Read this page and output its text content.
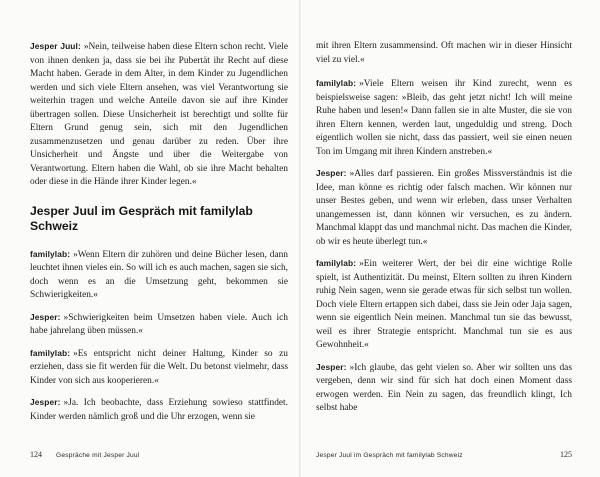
Jesper Juul: »Nein, teilweise haben diese Eltern schon recht. Viele von ihnen denken ja, dass sie bei ihr Pubertät ihr Recht auf diese Macht haben. Gerade in dem Alter, in dem Kinder zu Jugendlichen werden und sich viele Eltern ansehen, was viel Verantwortung sie weiterhin tragen und welche Anteile davon sie auf ihre Kinder übertragen sollen. Diese Unsicherheit ist berechtigt und sollte für Eltern Grund genug sein, sich mit den Jugendlichen zusammenzusetzen und genau darüber zu reden. Über ihre Unsicherheit und Ängste und über die Weitergabe von Verantwortung. Eltern haben die Wahl, ob sie ihre Macht behalten oder diese in die Hände ihrer Kinder legen.«

Jesper Juul im Gespräch mit familylab Schweiz

familylab: »Wenn Eltern dir zuhören und deine Bücher lesen, dann leuchtet ihnen vieles ein. So will ich es auch machen, sagen sie sich, doch wenn es an die Umsetzung geht, bekommen sie Schwierigkeiten.«

Jesper: »Schwierigkeiten beim Umsetzen haben viele. Auch ich habe jahrelang üben müssen.«

familylab: »Es entspricht nicht deiner Haltung, Kinder so zu erziehen, dass sie fit werden für die Welt. Du betonst vielmehr, dass Kinder von sich aus kooperieren.«

Jesper: »Ja. Ich beobachte, dass Erziehung sowieso stattfindet. Kinder werden nämlich groß und die Uhr erzogen, wenn sie

124 Gespräche mit Jesper Juul

mit ihren Eltern zusammensind. Oft machen wir in dieser Hinsicht viel zu viel.«

familylab: »Viele Eltern weisen ihr Kind zurecht, wenn es beispielsweise sagen: »Bleib, das geht jetzt nicht! Ich will meine Ruhe haben und lesen!« Dann fallen sie in alte Muster, die sie von ihren Eltern kennen, werden laut, ungeduldig und streng. Doch eigentlich wollen sie nicht, dass das passiert, weil sie einen neuen Ton im Umgang mit ihren Kindern anstreben.«

Jesper: »Alles darf passieren. Ein großes Missverständnis ist die Idee, man könne es richtig oder falsch machen. Wir können nur unser Bestes geben, und wenn wir erleben, dass unser Verhalten unangemessen ist, dann können wir versuchen, es zu ändern. Manchmal klappt das und manchmal nicht. Das machen die Kinder, ob wir es heute überlegt tun.«

familylab: »Ein weiterer Wert, der bei dir eine wichtige Rolle spielt, ist Authentizität. Du meinst, Eltern sollten zu ihren Kindern ruhig Nein sagen, wenn sie gerade etwas für sich selbst tun wollen. Doch viele Eltern ertappen sich dabei, dass sie Jein oder Jaja sagen, wenn sie eigentlich Nein meinen. Manchmal tun sie das bewusst, weil es ihrer Strategie entspricht. Manchmal tun sie es aus Gewohnheit.«

Jesper: »Ich glaube, das geht vielen so. Aber wir sollten uns das vergeben, denn wir sind für sich hat doch einen Moment dass erwogen werden. Ein Nein zu sagen, das freundlich klingt, Ich selbst habe

Jesper Juul im Gespräch mit familylab Schweiz	125
